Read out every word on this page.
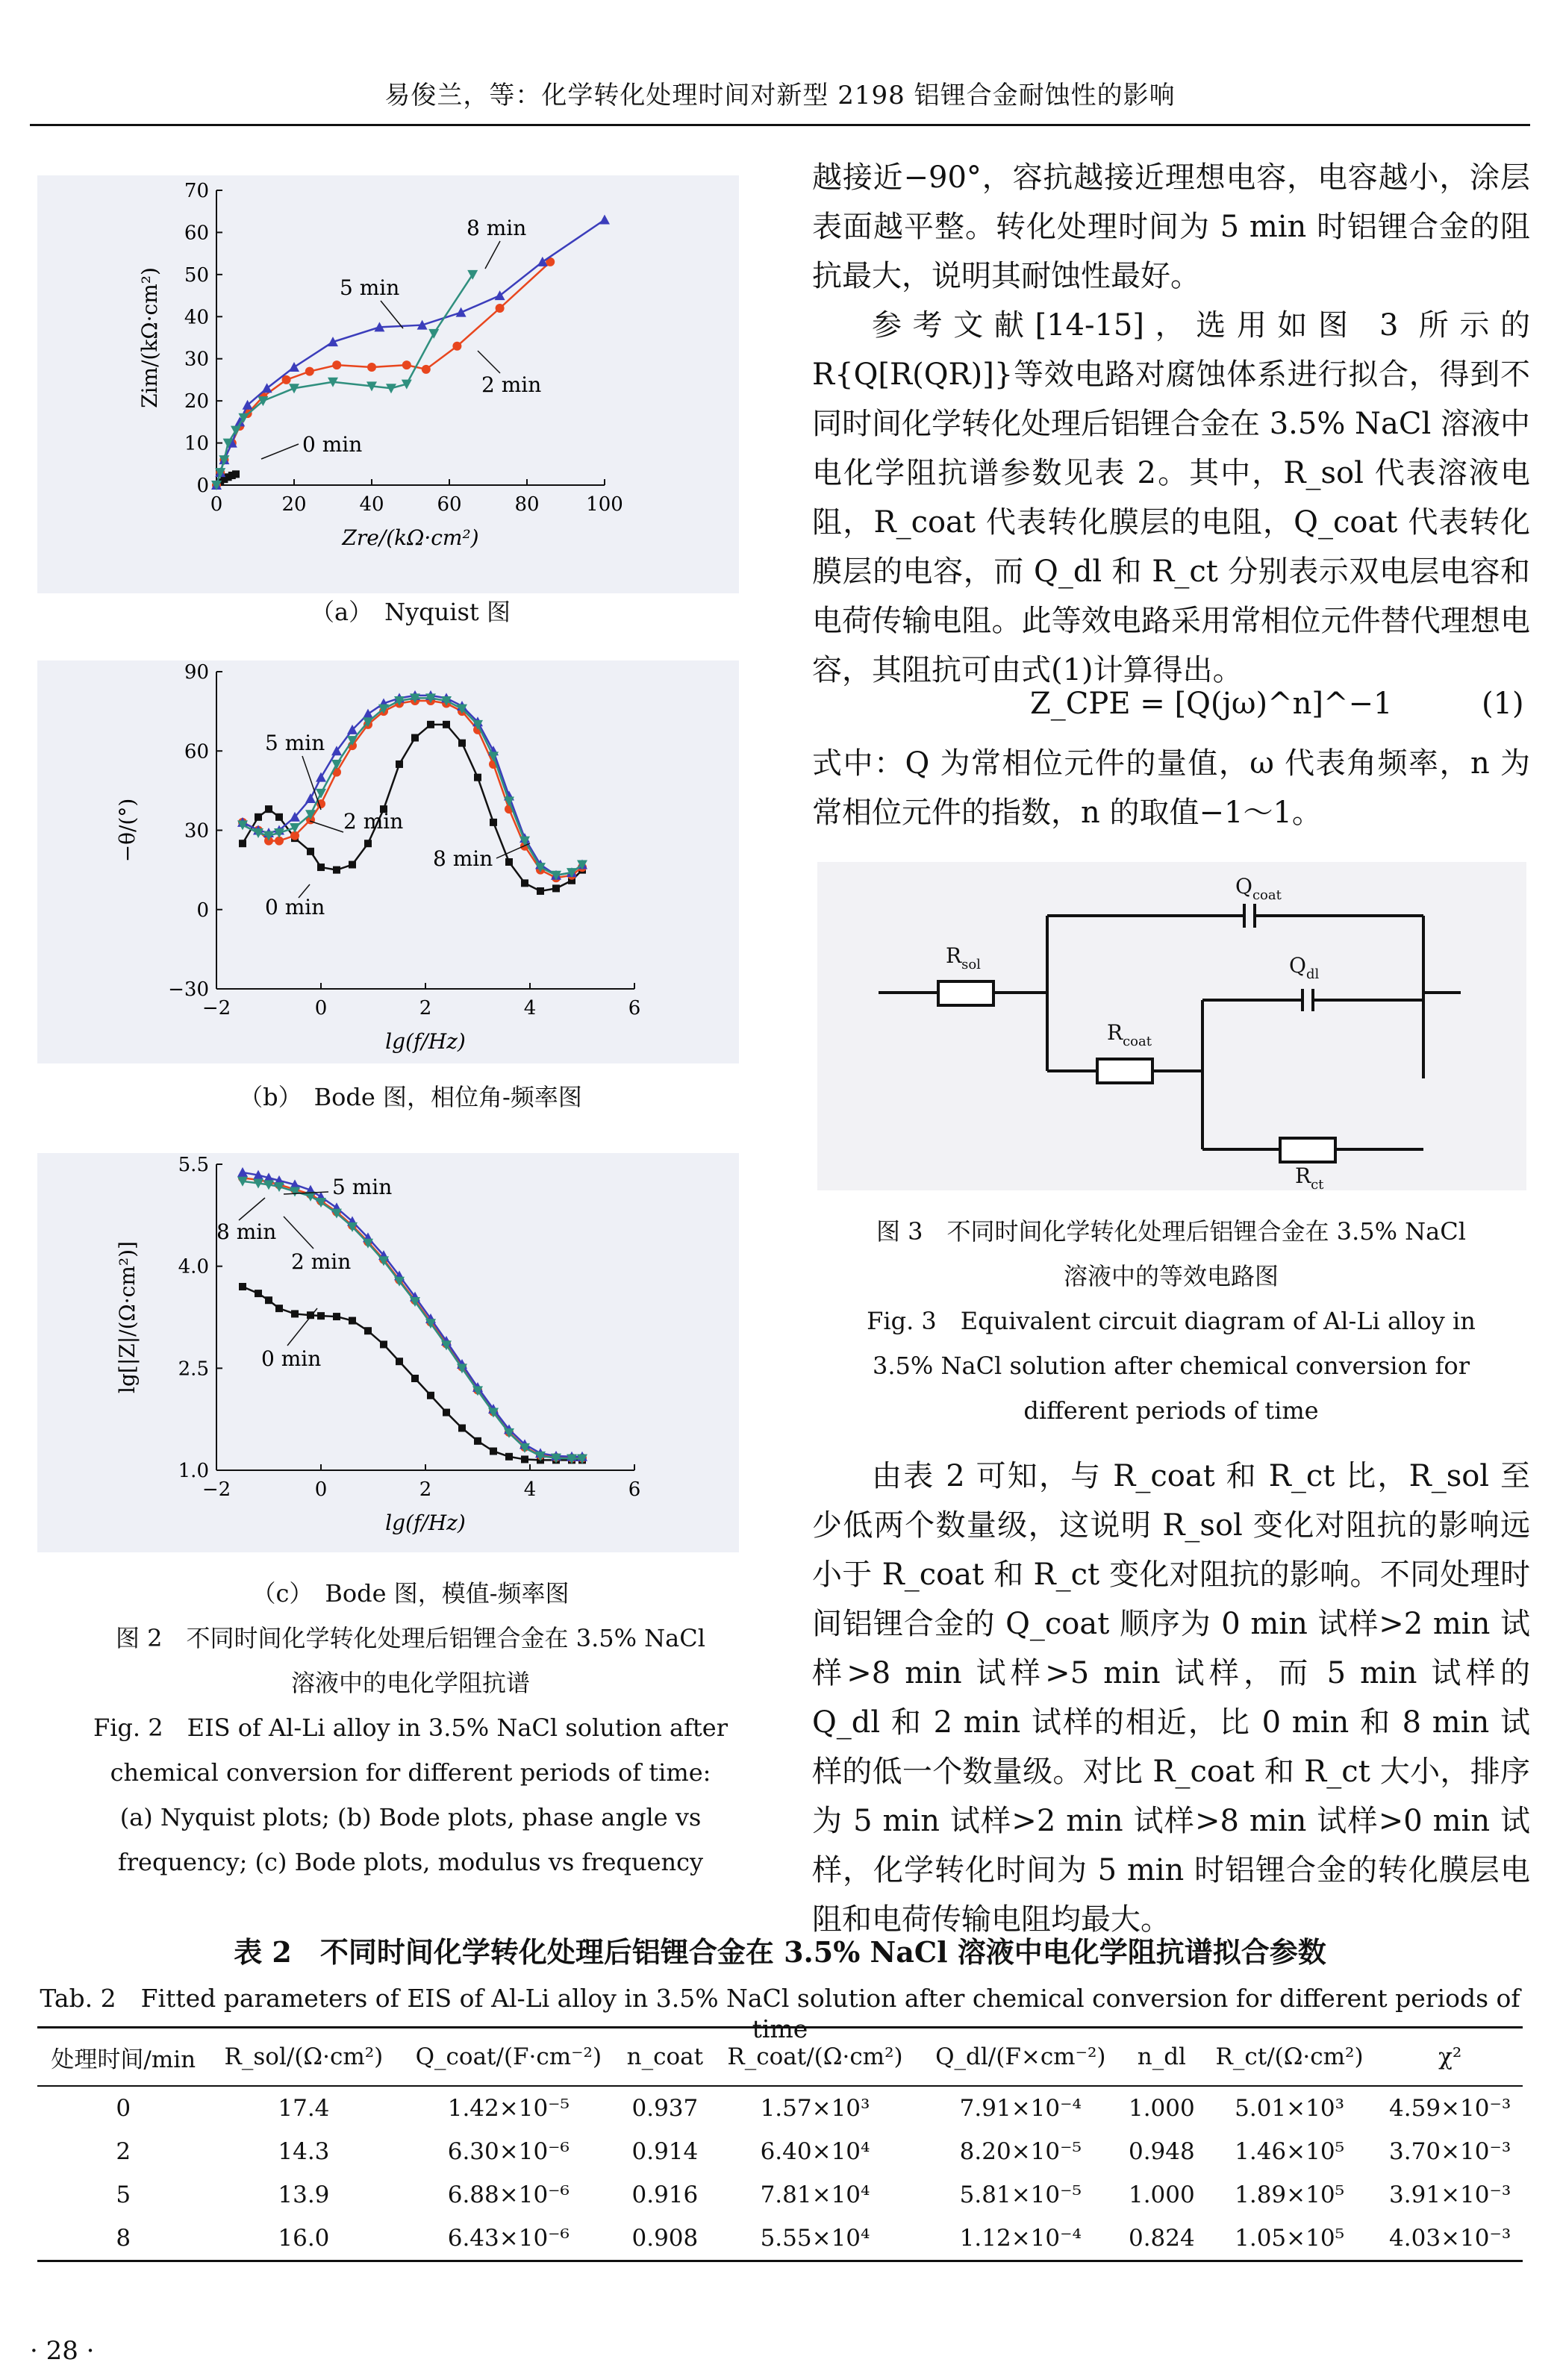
易俊兰，等：化学转化处理时间对新型 2198 铝锂合金耐蚀性的影响
0	20	40	60	80 100
0
10
20
30
40
50
60
70
Zre/(kΩ·cm²)
Zim/(kΩ·cm²)
8 min
5 min
2 min
0 min
（a）　Nyquist 图
−2	0	2	4	6
−30
0
30
60
90
lg(f/Hz)
−θ/(°)
5 min
2 min
8 min
0 min
（b）　Bode 图，相位角-频率图
−2	0	2	4	6
1.0
2.5
4.0
5.5
lg(f/Hz)
lg[|Z|/(Ω·cm²)]
5 min
8 min
2 min
0 min
（c）　Bode 图，模值-频率图
图 2　不同时间化学转化处理后铝锂合金在 3.5% NaCl
溶液中的电化学阻抗谱
Fig. 2　EIS of Al-Li alloy in 3.5% NaCl solution after
chemical conversion for different periods of time:
(a) Nyquist plots; (b) Bode plots, phase angle vs
frequency; (c) Bode plots, modulus vs frequency

越接近−90°，容抗越接近理想电容，电容越小，涂层表面越平整。转化处理时间为 5 min 时铝锂合金的阻抗最大，说明其耐蚀性最好。

参考文献[14-15]，选用如图 3 所示的 R{Q[R(QR)]}等效电路对腐蚀体系进行拟合，得到不同时间化学转化处理后铝锂合金在 3.5% NaCl 溶液中电化学阻抗谱参数见表 2。其中，R_sol 代表溶液电阻，R_coat 代表转化膜层的电阻，Q_coat 代表转化膜层的电容，而 Q_dl 和 R_ct 分别表示双电层电容和电荷传输电阻。此等效电路采用常相位元件替代理想电容，其阻抗可由式(1)计算得出。

Z_CPE = [Q(jω)^n]^−1	(1)

式中：Q 为常相位元件的量值，ω 代表角频率，n 为常相位元件的指数，n 的取值−1～1。

$Q_{coat}$
$R_{sol}$	$Q_{dl}$
$R_{coat}$
$R_{ct}$
图 3　不同时间化学转化处理后铝锂合金在 3.5% NaCl
溶液中的等效电路图
Fig. 3　Equivalent circuit diagram of Al-Li alloy in
3.5% NaCl solution after chemical conversion for
different periods of time

由表 2 可知，与 R_coat 和 R_ct 比，R_sol 至少低两个数量级，这说明 R_sol 变化对阻抗的影响远小于 R_coat 和 R_ct 变化对阻抗的影响。不同处理时间铝锂合金的 Q_coat 顺序为 0 min 试样>2 min 试样>8 min 试样>5 min 试样，而 5 min 试样的 Q_dl 和 2 min 试样的相近，比 0 min 和 8 min 试样的低一个数量级。对比 R_coat 和 R_ct 大小，排序为 5 min 试样>2 min 试样>8 min 试样>0 min 试样，化学转化时间为 5 min 时铝锂合金的转化膜层电阻和电荷传输电阻均最大。

表 2　不同时间化学转化处理后铝锂合金在 3.5% NaCl 溶液中电化学阻抗谱拟合参数
Tab. 2　Fitted parameters of EIS of Al-Li alloy in 3.5% NaCl solution after chemical conversion for different periods of time
处理时间/min	R_sol/(Ω·cm²)	Q_coat/(F·cm⁻²)	n_coat	R_coat/(Ω·cm²)	Q_dl/(F×cm⁻²)	n_dl	R_ct/(Ω·cm²)	χ²
0	17.4	1.42×10⁻⁵	0.937	1.57×10³	7.91×10⁻⁴	1.000	5.01×10³	4.59×10⁻³
2	14.3	6.30×10⁻⁶	0.914	6.40×10⁴	8.20×10⁻⁵	0.948	1.46×10⁵	3.70×10⁻³
5	13.9	6.88×10⁻⁶	0.916	7.81×10⁴	5.81×10⁻⁵	1.000	1.89×10⁵	3.91×10⁻³
8	16.0	6.43×10⁻⁶	0.908	5.55×10⁴	1.12×10⁻⁴	0.824	1.05×10⁵	4.03×10⁻³
· 28 ·
